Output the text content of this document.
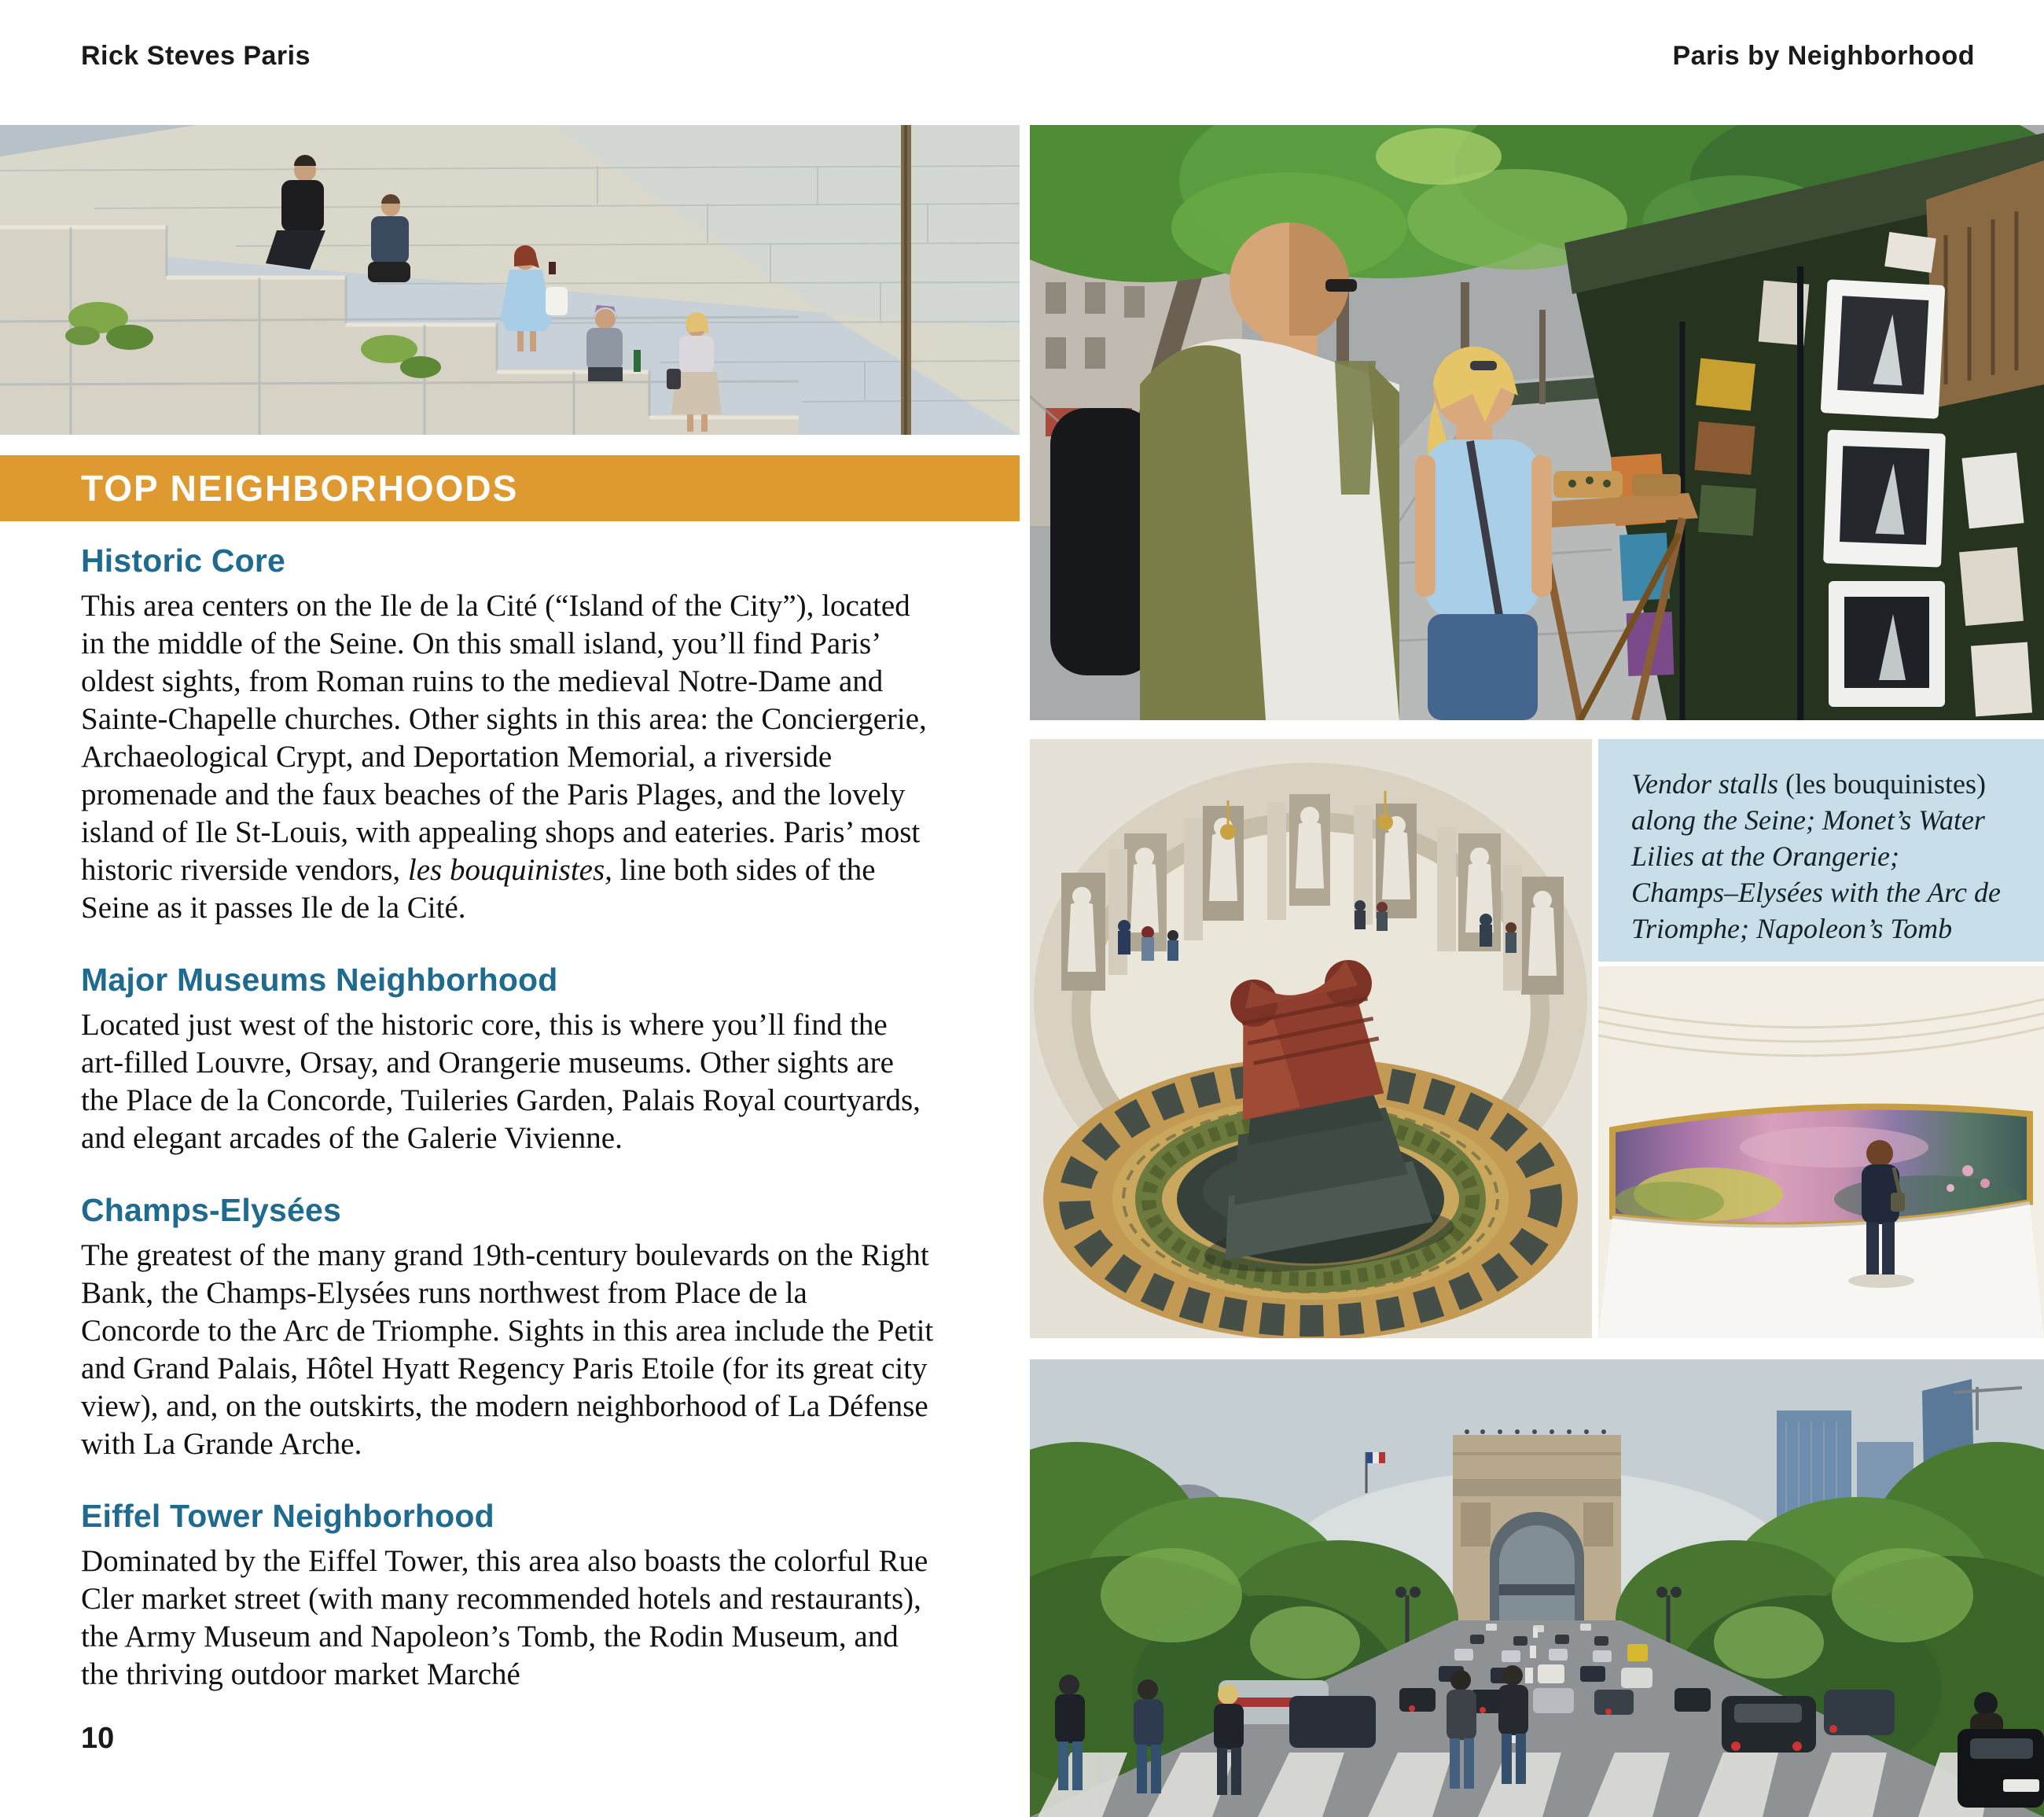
Rick Steves Paris	Paris by Neighborhood

Vendor stalls (les bouquinistes) along the Seine; Monet’s Water Lilies at the Orangerie; Champs–Elysées with the Arc de Triomphe; Napoleon’s Tomb

TOP NEIGHBORHOODS
Historic Core

This area centers on the Ile de la Cité (“Island of the City”), located in the middle of the Seine. On this small island, you’ll find Paris’ oldest sights, from Roman ruins to the medieval Notre-Dame and Sainte-Chapelle churches. Other sights in this area: the Conciergerie, Archaeological Crypt, and Deportation Memorial, a riverside promenade and the faux beaches of the Paris Plages, and the lovely island of Ile St-Louis, with appealing shops and eateries. Paris’ most historic riverside vendors, les bouquinistes, line both sides of the Seine as it passes Ile de la Cité.

Major Museums Neighborhood

Located just west of the historic core, this is where you’ll find the art-filled Louvre, Orsay, and Orangerie museums. Other sights are the Place de la Concorde, Tuileries Garden, Palais Royal courtyards, and elegant arcades of the Galerie Vivienne.

Champs-Elysées

The greatest of the many grand 19th-century boulevards on the Right Bank, the Champs-Elysées runs northwest from Place de la Concorde to the Arc de Triomphe. Sights in this area include the Petit and Grand Palais, Hôtel Hyatt Regency Paris Etoile (for its great city view), and, on the outskirts, the modern neighborhood of La Défense with La Grande Arche.

Eiffel Tower Neighborhood

Dominated by the Eiffel Tower, this area also boasts the colorful Rue Cler market street (with many recommended hotels and restaurants), the Army Museum and Napoleon’s Tomb, the Rodin Museum, and the thriving outdoor market Marché

10
